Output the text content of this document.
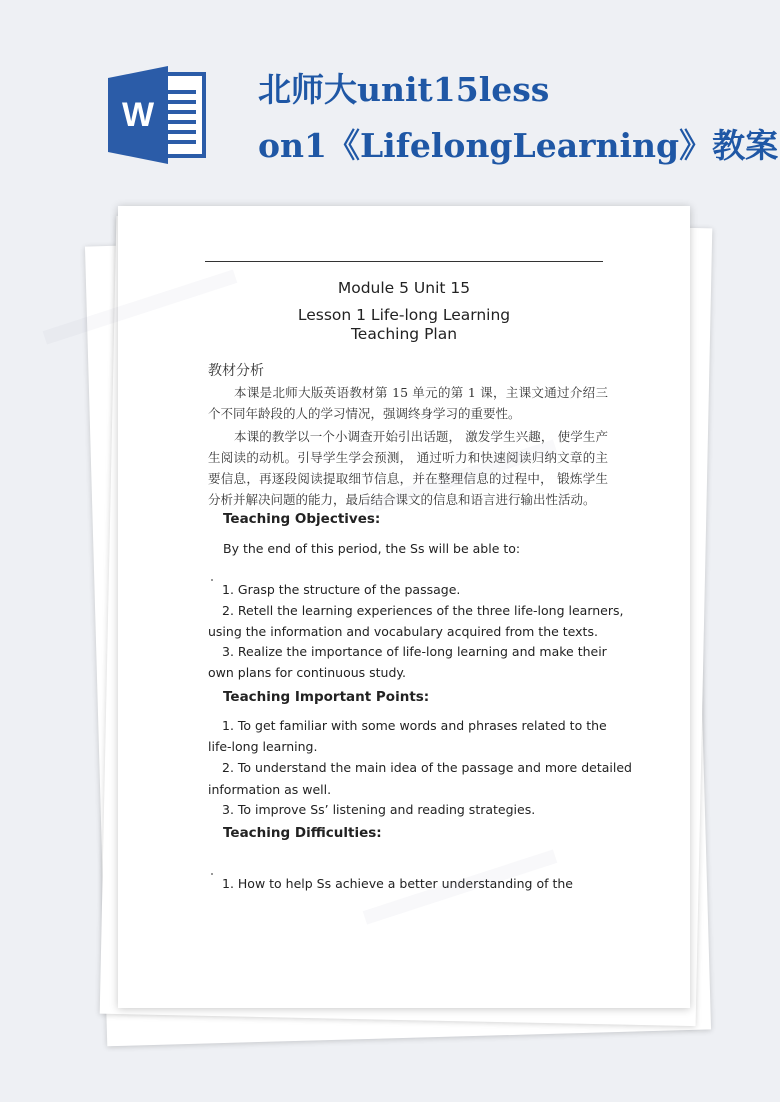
W
北师大unit15less
on1《LifelongLearning》教案
Module 5 Unit 15
Lesson 1 Life-long Learning
Teaching Plan
教材分析
本课是北师大版英语教材第 15 单元的第 1 课，主课文通过介绍三个不同年龄段的人的学习情况，强调终身学习的重要性。
本课的教学以一个小调查开始引出话题， 激发学生兴趣， 使学生产生阅读的动机。引导学生学会预测， 通过听力和快速阅读归纳文章的主要信息，再逐段阅读提取细节信息，并在整理信息的过程中， 锻炼学生分析并解决问题的能力，最后结合课文的信息和语言进行输出性活动。
Teaching Objectives:
By the end of this period, the Ss will be able to:
1. Grasp the structure of the passage.
2. Retell the learning experiences of the three life-long learners,
using the information and vocabulary acquired from the texts.
3. Realize the importance of life-long learning and make their
own plans for continuous study.
Teaching Important Points:
1. To get familiar with some words and phrases related to the
life-long learning.
2. To understand the main idea of the passage and more detailed
information as well.
3. To improve Ss’ listening and reading strategies.
Teaching Difficulties:
1. How to help Ss achieve a better understanding of the
